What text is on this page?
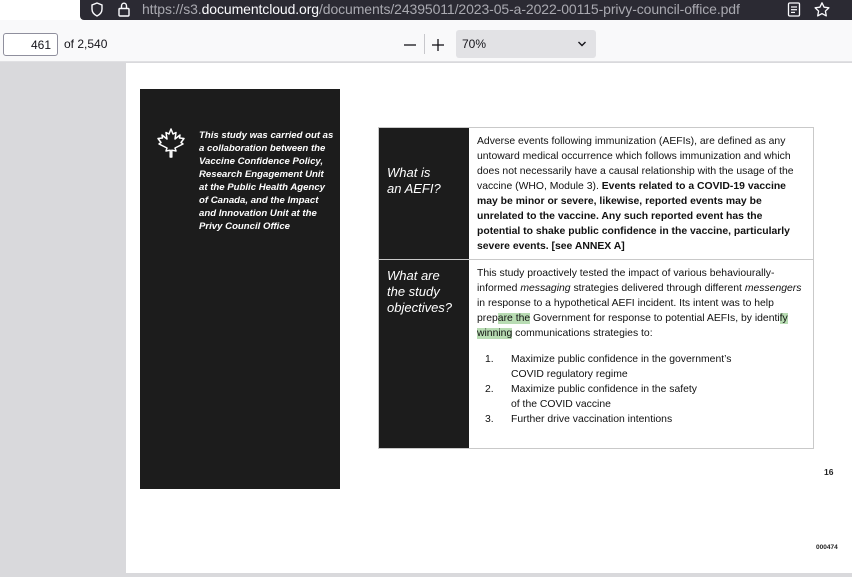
https://s3.documentcloud.org/documents/24395011/2023-05-a-2022-00115-privy-council-office.pdf
461
of 2,540	70%
This study was carried out as a collaboration between the Vaccine Confidence Policy, Research Engagement Unit at the Public Health Agency of Canada, and the Impact and Innovation Unit at the Privy Council Office
What is
an AEFI?
Adverse events following immunization (AEFIs), are defined as any untoward medical occurrence which follows immunization and which does not necessarily have a causal relationship with the usage of the vaccine (WHO, Module 3). Events related to a COVID-19 vaccine may be minor or severe, likewise, reported events may be unrelated to the vaccine. Any such reported event has the potential to shake public confidence in the vaccine, particularly severe events. [see ANNEX A]
What are
the study
objectives?
This study proactively tested the impact of various behaviourally-informed messaging strategies delivered through different messengers in response to a hypothetical AEFI incident. Its intent was to help prepare the Government for response to potential AEFIs, by identify winning communications strategies to:
1. Maximize public confidence in the government’s
COVID regulatory regime
2. Maximize public confidence in the safety
of the COVID vaccine
3. Further drive vaccination intentions
16
000474
